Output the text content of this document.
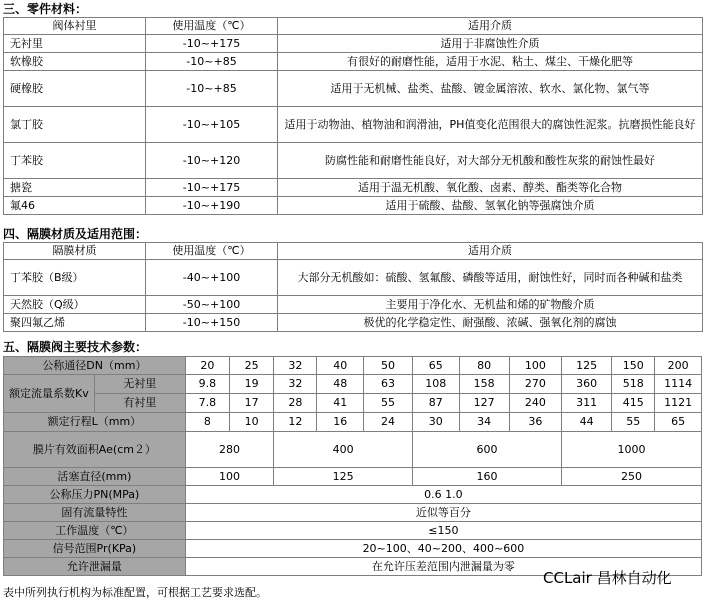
三、零件材料：
阀体衬里	使用温度（℃）	适用介质
无衬里	-10~+175	适用于非腐蚀性介质
软橡胶	-10~+85	有很好的耐磨性能，适用于水泥、粘土、煤尘、干燥化肥等
硬橡胶	-10~+85	适用于无机械、盐类、盐酸、镀金属溶浓、软水、氯化物、氯气等
氯丁胶	-10~+105	适用于动物油、植物油和润滑油，PH值变化范围很大的腐蚀性泥浆。抗磨损性能良好
丁苯胶	-10~+120	防腐性能和耐磨性能良好，对大部分无机酸和酸性灰浆的耐蚀性最好
搪瓷	-10~+175	适用于温无机酸、氧化酸、卤素、醇类、酯类等化合物
氟46	-10~+190	适用于硫酸、盐酸、氢氧化钠等强腐蚀介质
四、隔膜材质及适用范围：
隔膜材质	使用温度（℃）	适用介质
丁苯胶（B级）	-40~+100	大部分无机酸如：硫酸、氢氟酸、磷酸等适用，耐蚀性好，同时而各种碱和盐类
天然胶（Q级）	-50~+100	主要用于净化水、无机盐和烯的矿物酸介质
聚四氟乙烯	-10~+150	极优的化学稳定性、耐强酸、浓碱、强氧化剂的腐蚀
五、隔膜阀主要技术参数：
公称通径DN（mm）		20	25	32	40	50	65	80	100	125	150	200
额定流量系数Kv	无衬里	9.8	19	32	48	63	108	158	270	360	518	1114
	有衬里	7.8	17	28	41	55	87	127	240	311	415	1121
额定行程L（mm）		8	10	12	16	24	30	34	36	44	55	65
膜片有效面积Ae(cm２）		280		400			600			1000		
活塞直径(mm)		100		125			160			250		
公称压力PN(MPa)		0.6 1.0										
固有流量特性		近似等百分										
工作温度（℃）		≤150										
信号范围Pr(KPa)		20~100、40~200、400~600										
允许泄漏量		在允许压差范围内泄漏量为零										
CCLair 昌林自动化
表中所列执行机构为标准配置，可根据工艺要求选配。
